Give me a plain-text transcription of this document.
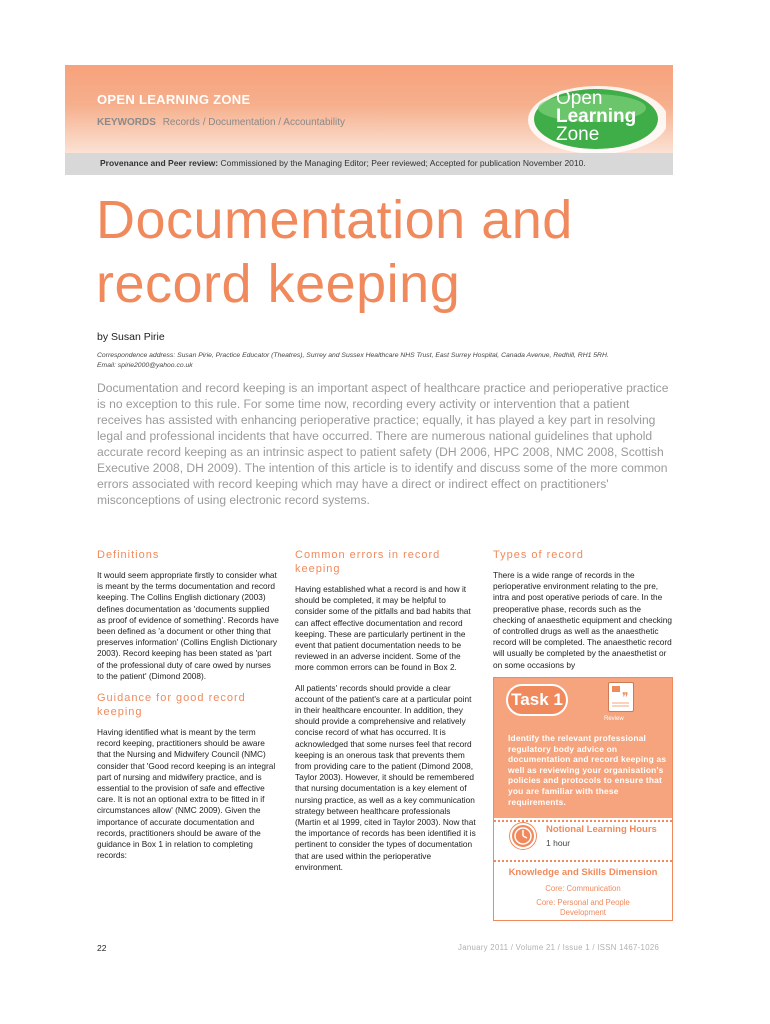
OPEN LEARNING ZONE
KEYWORDS Records / Documentation / Accountability
Open
Learning
Zone
Provenance and Peer review: Commissioned by the Managing Editor; Peer reviewed; Accepted for publication November 2010.
Documentation and
record keeping
by Susan Pirie
Correspondence address: Susan Pirie, Practice Educator (Theatres), Surrey and Sussex Healthcare NHS Trust, East Surrey Hospital, Canada Avenue, Redhill, RH1 5RH.
Email: spirie2000@yahoo.co.uk
Documentation and record keeping is an important aspect of healthcare practice and perioperative practice is no exception to this rule. For some time now, recording every activity or intervention that a patient receives has assisted with enhancing perioperative practice; equally, it has played a key part in resolving legal and professional incidents that have occurred. There are numerous national guidelines that uphold accurate record keeping as an intrinsic aspect to patient safety (DH 2006, HPC 2008, NMC 2008, Scottish Executive 2008, DH 2009). The intention of this article is to identify and discuss some of the more common errors associated with record keeping which may have a direct or indirect effect on practitioners' misconceptions of using electronic record systems.
Definitions

It would seem appropriate firstly to consider what is meant by the terms documentation and record keeping. The Collins English dictionary (2003) defines documentation as 'documents supplied as proof of evidence of something'. Records have been defined as 'a document or other thing that preserves information' (Collins English Dictionary 2003). Record keeping has been stated as 'part of the professional duty of care owed by nurses to the patient' (Dimond 2008).

Guidance for good record keeping

Having identified what is meant by the term record keeping, practitioners should be aware that the Nursing and Midwifery Council (NMC) consider that 'Good record keeping is an integral part of nursing and midwifery practice, and is essential to the provision of safe and effective care. It is not an optional extra to be fitted in if circumstances allow' (NMC 2009). Given the importance of accurate documentation and records, practitioners should be aware of the guidance in Box 1 in relation to completing records:

Common errors in record keeping

Having established what a record is and how it should be completed, it may be helpful to consider some of the pitfalls and bad habits that can affect effective documentation and record keeping. These are particularly pertinent in the event that patient documentation needs to be reviewed in an adverse incident. Some of the more common errors can be found in Box 2.

All patients' records should provide a clear account of the patient's care at a particular point in their healthcare encounter. In addition, they should provide a comprehensive and relatively concise record of what has occurred. It is acknowledged that some nurses feel that record keeping is an onerous task that prevents them from providing care to the patient (Dimond 2008, Taylor 2003). However, it should be remembered that nursing documentation is a key element of nursing practice, as well as a key communication strategy between healthcare professionals (Martin et al 1999, cited in Taylor 2003). Now that the importance of records has been identified it is pertinent to consider the types of documentation that are used within the perioperative environment.

Types of record

There is a wide range of records in the perioperative environment relating to the pre, intra and post operative periods of care. In the preoperative phase, records such as the checking of anaesthetic equipment and checking of controlled drugs as well as the anaesthetic record will be completed. The anaesthetic record will usually be completed by the anaesthetist or on some occasions by

Task 1	❞
Review
Identify the relevant professional regulatory body advice on documentation and record keeping as well as reviewing your organisation's policies and protocols to ensure that you are familiar with these requirements.
Notional Learning Hours
1 hour
Knowledge and Skills Dimension
Core: Communication
Core: Personal and People Development
22	January 2011 / Volume 21 / Issue 1 / ISSN 1467-1026
